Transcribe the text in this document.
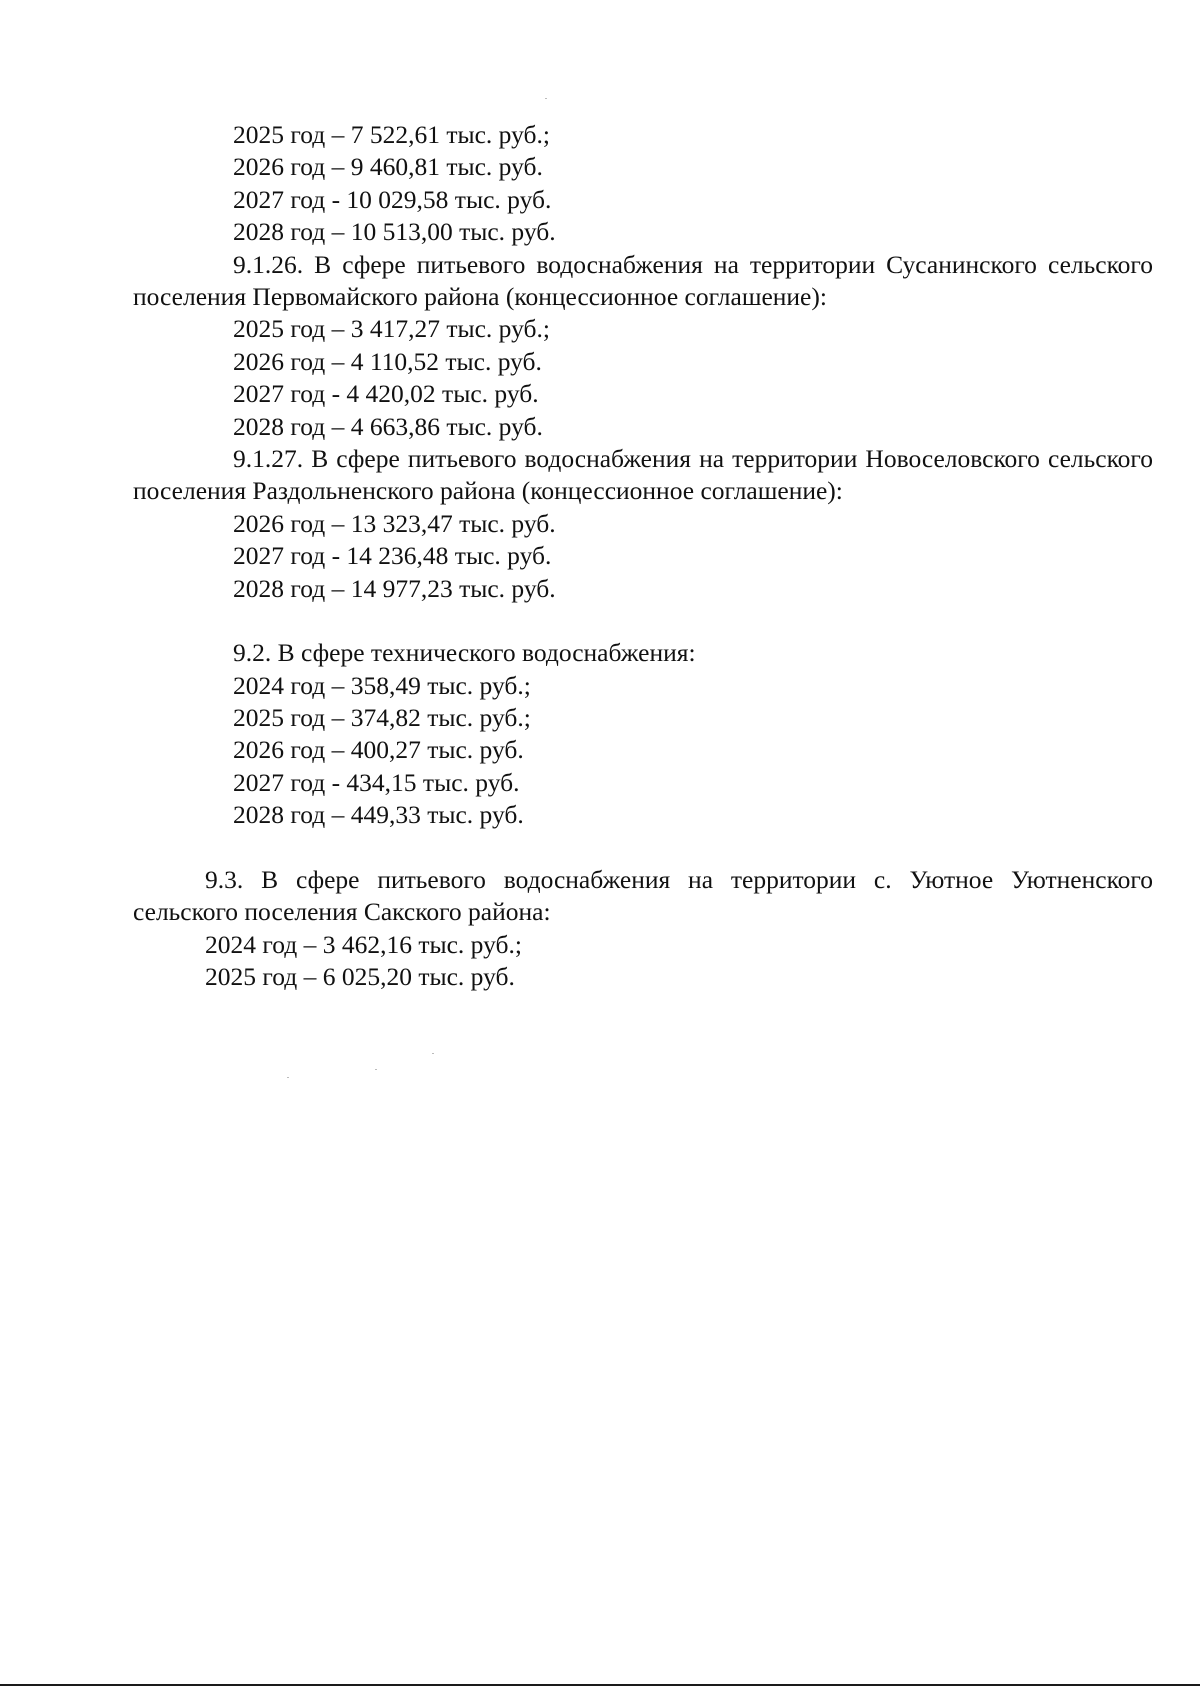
2025 год – 7 522,61 тыс. руб.;
2026 год – 9 460,81 тыс. руб.
2027 год - 10 029,58 тыс. руб.
2028 год – 10 513,00 тыс. руб.
9.1.26. В сфере питьевого водоснабжения на территории Сусанинского сельского поселения Первомайского района (концессионное соглашение):
2025 год – 3 417,27 тыс. руб.;
2026 год – 4 110,52 тыс. руб.
2027 год - 4 420,02 тыс. руб.
2028 год – 4 663,86 тыс. руб.
9.1.27. В сфере питьевого водоснабжения на территории Новоселовского сельского поселения Раздольненского района (концессионное соглашение):
2026 год – 13 323,47 тыс. руб.
2027 год - 14 236,48 тыс. руб.
2028 год – 14 977,23 тыс. руб.
9.2. В сфере технического водоснабжения:
2024 год – 358,49 тыс. руб.;
2025 год – 374,82 тыс. руб.;
2026 год – 400,27 тыс. руб.
2027 год - 434,15 тыс. руб.
2028 год – 449,33 тыс. руб.
9.3. В сфере питьевого водоснабжения на территории с. Уютное Уютненского сельского поселения Сакского района:
2024 год – 3 462,16 тыс. руб.;
2025 год – 6 025,20 тыс. руб.
